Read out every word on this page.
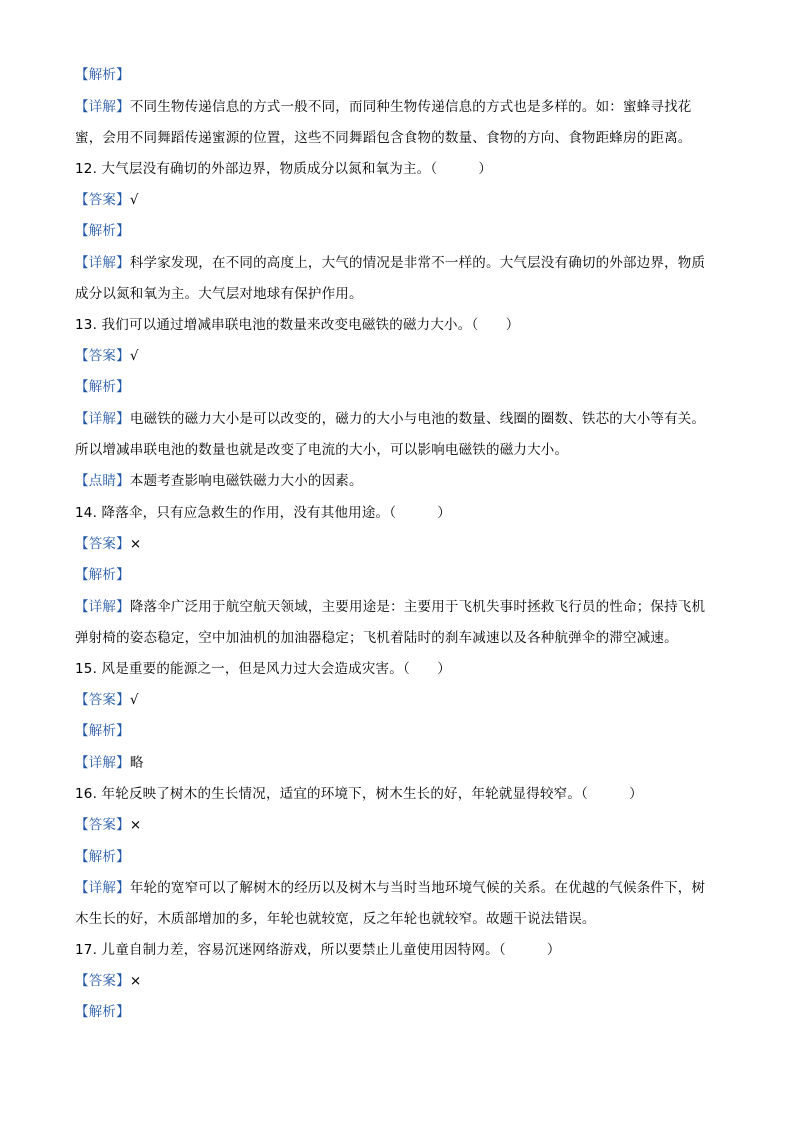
【解析】
【详解】不同生物传递信息的方式一般不同，而同种生物传递信息的方式也是多样的。如：蜜蜂寻找花
蜜，会用不同舞蹈传递蜜源的位置，这些不同舞蹈包含食物的数量、食物的方向、食物距蜂房的距离。
12. 大气层没有确切的外部边界，物质成分以氮和氧为主。（　　　）
【答案】√
【解析】
【详解】科学家发现，在不同的高度上，大气的情况是非常不一样的。大气层没有确切的外部边界，物质
成分以氮和氧为主。大气层对地球有保护作用。
13. 我们可以通过增减串联电池的数量来改变电磁铁的磁力大小。（　　）
【答案】√
【解析】
【详解】电磁铁的磁力大小是可以改变的，磁力的大小与电池的数量、线圈的圈数、铁芯的大小等有关。
所以增减串联电池的数量也就是改变了电流的大小，可以影响电磁铁的磁力大小。
【点睛】本题考查影响电磁铁磁力大小的因素。
14. 降落伞，只有应急救生的作用，没有其他用途。（　　　）
【答案】×
【解析】
【详解】降落伞广泛用于航空航天领域，主要用途是：主要用于飞机失事时拯救飞行员的性命；保持飞机
弹射椅的姿态稳定，空中加油机的加油器稳定；飞机着陆时的刹车减速以及各种航弹伞的滞空减速。
15. 风是重要的能源之一，但是风力过大会造成灾害。（　　）
【答案】√
【解析】
【详解】略
16. 年轮反映了树木的生长情况，适宜的环境下，树木生长的好，年轮就显得较窄。（　　　）
【答案】×
【解析】
【详解】年轮的宽窄可以了解树木的经历以及树木与当时当地环境气候的关系。在优越的气候条件下，树
木生长的好，木质部增加的多，年轮也就较宽，反之年轮也就较窄。故题干说法错误。
17. 儿童自制力差，容易沉迷网络游戏，所以要禁止儿童使用因特网。（　　　）
【答案】×
【解析】
